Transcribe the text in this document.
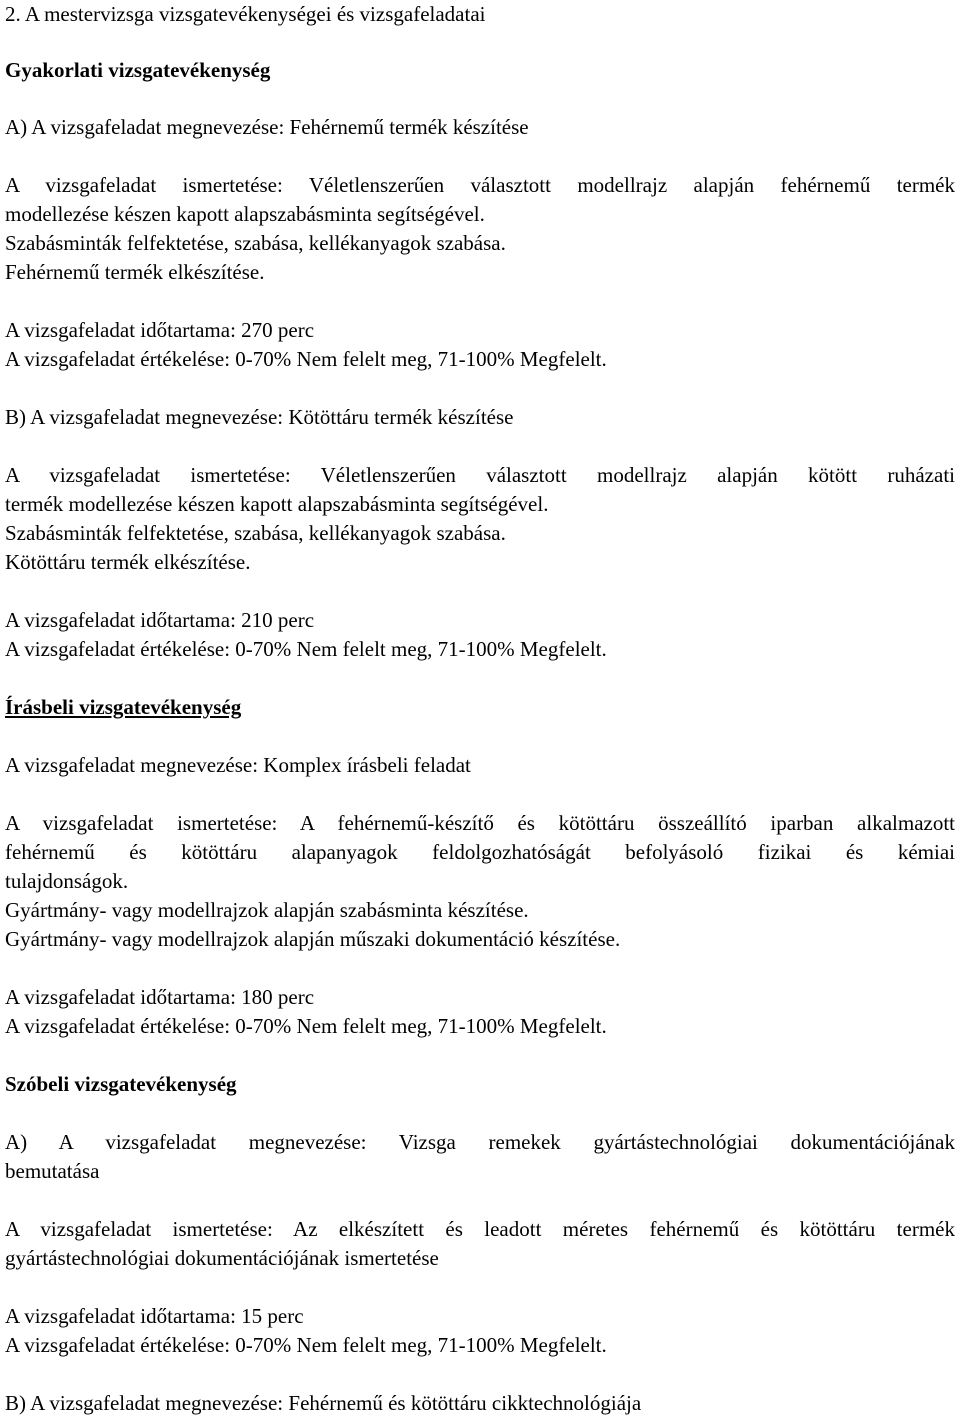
2. A mestervizsga vizsgatevékenységei és vizsgafeladatai
Gyakorlati vizsgatevékenység
A) A vizsgafeladat megnevezése: Fehérnemű termék készítése
A vizsgafeladat ismertetése: Véletlenszerűen választott modellrajz alapján fehérnemű termék
modellezése készen kapott alapszabásminta segítségével.
Szabásminták felfektetése, szabása, kellékanyagok szabása.
Fehérnemű termék elkészítése.
A vizsgafeladat időtartama: 270 perc
A vizsgafeladat értékelése: 0-70% Nem felelt meg, 71-100% Megfelelt.
B) A vizsgafeladat megnevezése: Kötöttáru termék készítése
A vizsgafeladat ismertetése: Véletlenszerűen választott modellrajz alapján kötött ruházati
termék modellezése készen kapott alapszabásminta segítségével.
Szabásminták felfektetése, szabása, kellékanyagok szabása.
Kötöttáru termék elkészítése.
A vizsgafeladat időtartama: 210 perc
A vizsgafeladat értékelése: 0-70% Nem felelt meg, 71-100% Megfelelt.
Írásbeli vizsgatevékenység
A vizsgafeladat megnevezése: Komplex írásbeli feladat
A vizsgafeladat ismertetése: A fehérnemű-készítő és kötöttáru összeállító iparban alkalmazott
fehérnemű és kötöttáru alapanyagok feldolgozhatóságát befolyásoló fizikai és kémiai
tulajdonságok.
Gyártmány- vagy modellrajzok alapján szabásminta készítése.
Gyártmány- vagy modellrajzok alapján műszaki dokumentáció készítése.
A vizsgafeladat időtartama: 180 perc
A vizsgafeladat értékelése: 0-70% Nem felelt meg, 71-100% Megfelelt.
Szóbeli vizsgatevékenység
A) A vizsgafeladat megnevezése: Vizsga remekek gyártástechnológiai dokumentációjának
bemutatása
A vizsgafeladat ismertetése: Az elkészített és leadott méretes fehérnemű és kötöttáru termék
gyártástechnológiai dokumentációjának ismertetése
A vizsgafeladat időtartama: 15 perc
A vizsgafeladat értékelése: 0-70% Nem felelt meg, 71-100% Megfelelt.
B) A vizsgafeladat megnevezése: Fehérnemű és kötöttáru cikktechnológiája
